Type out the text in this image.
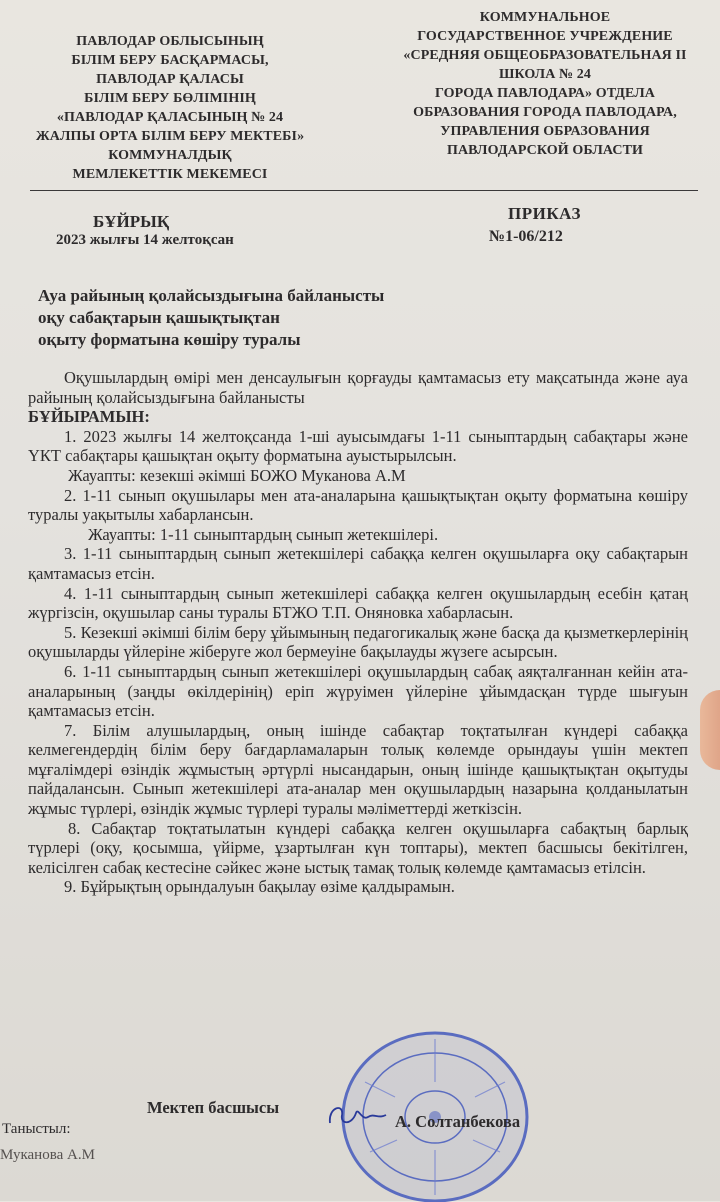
ПАВЛОДАР ОБЛЫСЫНЫҢ
БІЛІМ БЕРУ БАСҚАРМАСЫ,
ПАВЛОДАР ҚАЛАСЫ
БІЛІМ БЕРУ БӨЛІМІНІҢ
«ПАВЛОДАР ҚАЛАСЫНЫҢ № 24
ЖАЛПЫ ОРТА БІЛІМ БЕРУ МЕКТЕБІ»
КОММУНАЛДЫҚ
МЕМЛЕКЕТТІК МЕКЕМЕСІ
КОММУНАЛЬНОЕ
ГОСУДАРСТВЕННОЕ УЧРЕЖДЕНИЕ
«СРЕДНЯЯ ОБЩЕОБРАЗОВАТЕЛЬНАЯ II
ШКОЛА № 24
ГОРОДА ПАВЛОДАРА» ОТДЕЛА
ОБРАЗОВАНИЯ ГОРОДА ПАВЛОДАРА,
УПРАВЛЕНИЯ ОБРАЗОВАНИЯ
ПАВЛОДАРСКОЙ ОБЛАСТИ
БҰЙРЫҚ
2023 жылғы 14 желтоқсан
ПРИКАЗ
№1-06/212
Ауа райының қолайсыздығына байланысты
оқу сабақтарын қашықтықтан
оқыту форматына көшіру туралы

Оқушылардың өмірі мен денсаулығын қорғауды қамтамасыз ету мақсатында және ауа райының қолайсыздығына байланысты

БҰЙЫРАМЫН:

1. 2023 жылғы 14 желтоқсанда 1-ші ауысымдағы 1-11 сыныптардың сабақтары және ҮКТ сабақтары қашықтан оқыту форматына ауыстырылсын.

Жауапты: кезекші әкімші БОЖО Муканова А.М

2. 1-11 сынып оқушылары мен ата-аналарына қашықтықтан оқыту форматына көшіру туралы уақытылы хабарлансын.

Жауапты: 1-11 сыныптардың сынып жетекшілері.

3. 1-11 сыныптардың сынып жетекшілері сабаққа келген оқушыларға оқу сабақтарын қамтамасыз етсін.

4. 1-11 сыныптардың сынып жетекшілері сабаққа келген оқушылардың есебін қатаң жүргізсін, оқушылар саны туралы БТЖО Т.П. Оняновка хабарласын.

5. Кезекші әкімші білім беру ұйымының педагогикалық және басқа да қызметкерлерінің оқушыларды үйлеріне жіберуге жол бермеуіне бақылауды жүзеге асырсын.

6. 1-11 сыныптардың сынып жетекшілері оқушылардың сабақ аяқталғаннан кейін ата-аналарының (заңды өкілдерінің) еріп жүруімен үйлеріне ұйымдасқан түрде шығуын қамтамасыз етсін.

7. Білім алушылардың, оның ішінде сабақтар тоқтатылған күндері сабаққа келмегендердің білім беру бағдарламаларын толық көлемде орындауы үшін мектеп мұғалімдері өзіндік жұмыстың әртүрлі нысандарын, оның ішінде қашықтықтан оқытуды пайдалансын. Сынып жетекшілері ата-аналар мен оқушылардың назарына қолданылатын жұмыс түрлері, өзіндік жұмыс түрлері туралы мәліметтерді жеткізсін.

8. Сабақтар тоқтатылатын күндері сабаққа келген оқушыларға сабақтың барлық түрлері (оқу, қосымша, үйірме, ұзартылған күн топтары), мектеп басшысы бекітілген, келісілген сабақ кестесіне сәйкес және ыстық тамақ толық көлемде қамтамасыз етілсін.

9. Бұйрықтың орындалуын бақылау өзіме қалдырамын.

Мектеп басшысы
А. Солтанбекова
Таныстыл:
Муканова А.М
